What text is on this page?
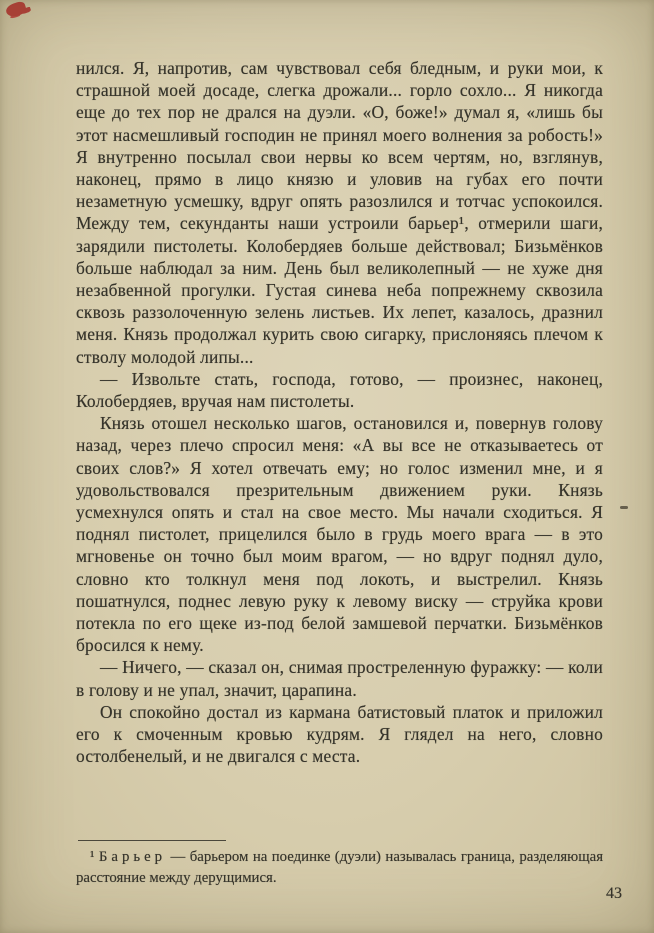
нился. Я, напротив, сам чувствовал себя бледным, и руки мои, к страшной моей досаде, слегка дрожали... горло сохло... Я никогда еще до тех пор не дрался на дуэли. «О, боже!» думал я, «лишь бы этот насмешливый господин не принял моего волнения за робость!» Я внутренно посылал свои нервы ко всем чертям, но, взглянув, наконец, прямо в лицо князю и уловив на губах его почти незаметную усмешку, вдруг опять разозлился и тотчас успокоился. Между тем, секунданты наши устроили барьер¹, отмерили шаги, зарядили пистолеты. Колобердяев больше действовал; Бизьмёнков больше наблюдал за ним. День был великолепный — не хуже дня незабвенной прогулки. Густая синева неба попрежнему сквозила сквозь раззолоченную зелень листьев. Их лепет, казалось, дразнил меня. Князь продолжал курить свою сигарку, прислоняясь плечом к стволу молодой липы...

— Извольте стать, господа, готово, — произнес, наконец, Колобердяев, вручая нам пистолеты.

Князь отошел несколько шагов, остановился и, повернув голову назад, через плечо спросил меня: «А вы все не отказываетесь от своих слов?» Я хотел отвечать ему; но голос изменил мне, и я удовольствовался презрительным движением руки. Князь усмехнулся опять и стал на свое место. Мы начали сходиться. Я поднял пистолет, прицелился было в грудь моего врага — в это мгновенье он точно был моим врагом, — но вдруг поднял дуло, словно кто толкнул меня под локоть, и выстрелил. Князь пошатнулся, поднес левую руку к левому виску — струйка крови потекла по его щеке из-под белой замшевой перчатки. Бизьмёнков бросился к нему.

— Ничего, — сказал он, снимая простреленную фуражку: — коли в голову и не упал, значит, царапина.

Он спокойно достал из кармана батистовый платок и приложил его к смоченным кровью кудрям. Я глядел на него, словно остолбенелый, и не двигался с места.

¹ Барьер — барьером на поединке (дуэли) называлась граница, разделяющая расстояние между дерущимися.

43
